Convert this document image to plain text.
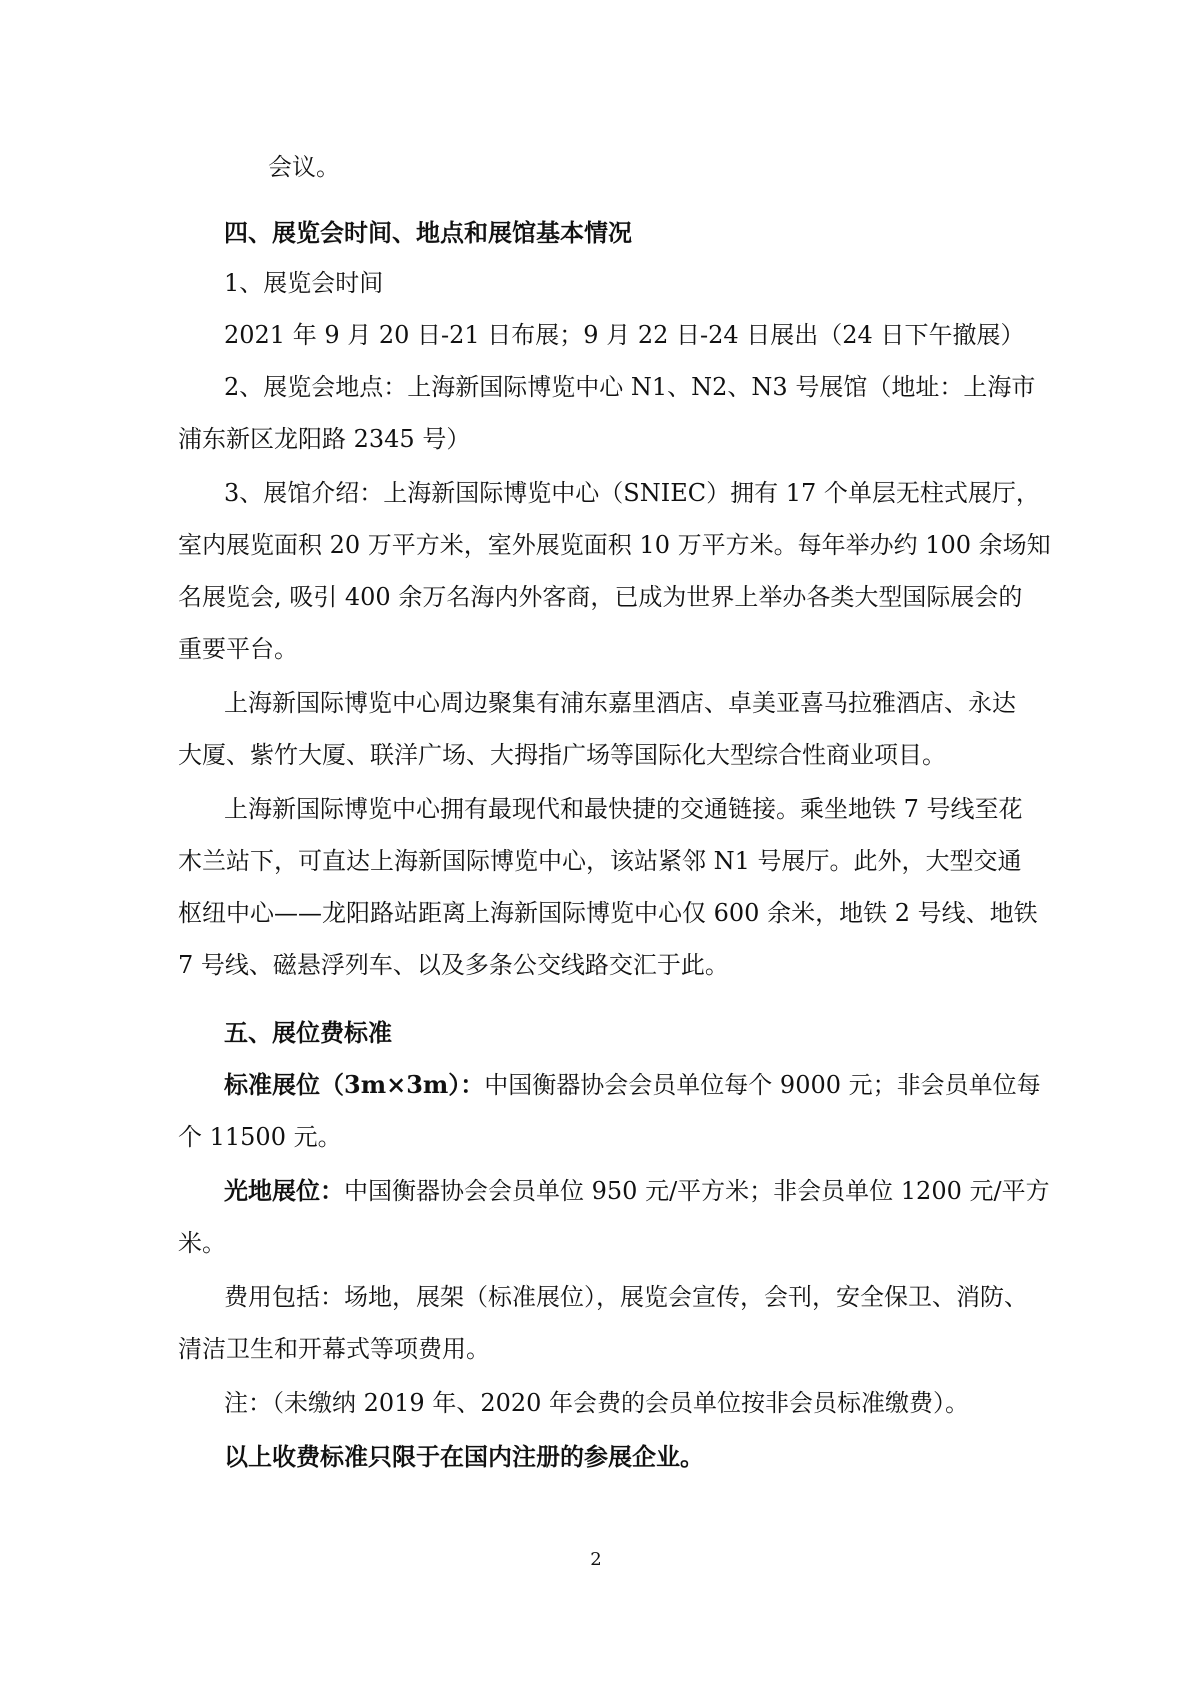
会议。
四、展览会时间、地点和展馆基本情况
1、展览会时间
2021 年 9 月 20 日-21 日布展；9 月 22 日-24 日展出（24 日下午撤展）
2、展览会地点：上海新国际博览中心 N1、N2、N3 号展馆（地址：上海市
浦东新区龙阳路 2345 号）
3、展馆介绍：上海新国际博览中心（SNIEC）拥有 17 个单层无柱式展厅，
室内展览面积 20 万平方米，室外展览面积 10 万平方米。每年举办约 100 余场知
名展览会, 吸引 400 余万名海内外客商，已成为世界上举办各类大型国际展会的
重要平台。
上海新国际博览中心周边聚集有浦东嘉里酒店、卓美亚喜马拉雅酒店、永达
大厦、紫竹大厦、联洋广场、大拇指广场等国际化大型综合性商业项目。
上海新国际博览中心拥有最现代和最快捷的交通链接。乘坐地铁 7 号线至花
木兰站下，可直达上海新国际博览中心，该站紧邻 N1 号展厅。此外，大型交通
枢纽中心——龙阳路站距离上海新国际博览中心仅 600 余米，地铁 2 号线、地铁
7 号线、磁悬浮列车、以及多条公交线路交汇于此。
五、展位费标准
标准展位（3m×3m）：中国衡器协会会员单位每个 9000 元；非会员单位每
个 11500 元。
光地展位：中国衡器协会会员单位 950 元/平方米；非会员单位 1200 元/平方
米。
费用包括：场地，展架（标准展位），展览会宣传，会刊，安全保卫、消防、
清洁卫生和开幕式等项费用。
注：（未缴纳 2019 年、2020 年会费的会员单位按非会员标准缴费）。
以上收费标准只限于在国内注册的参展企业。
2
